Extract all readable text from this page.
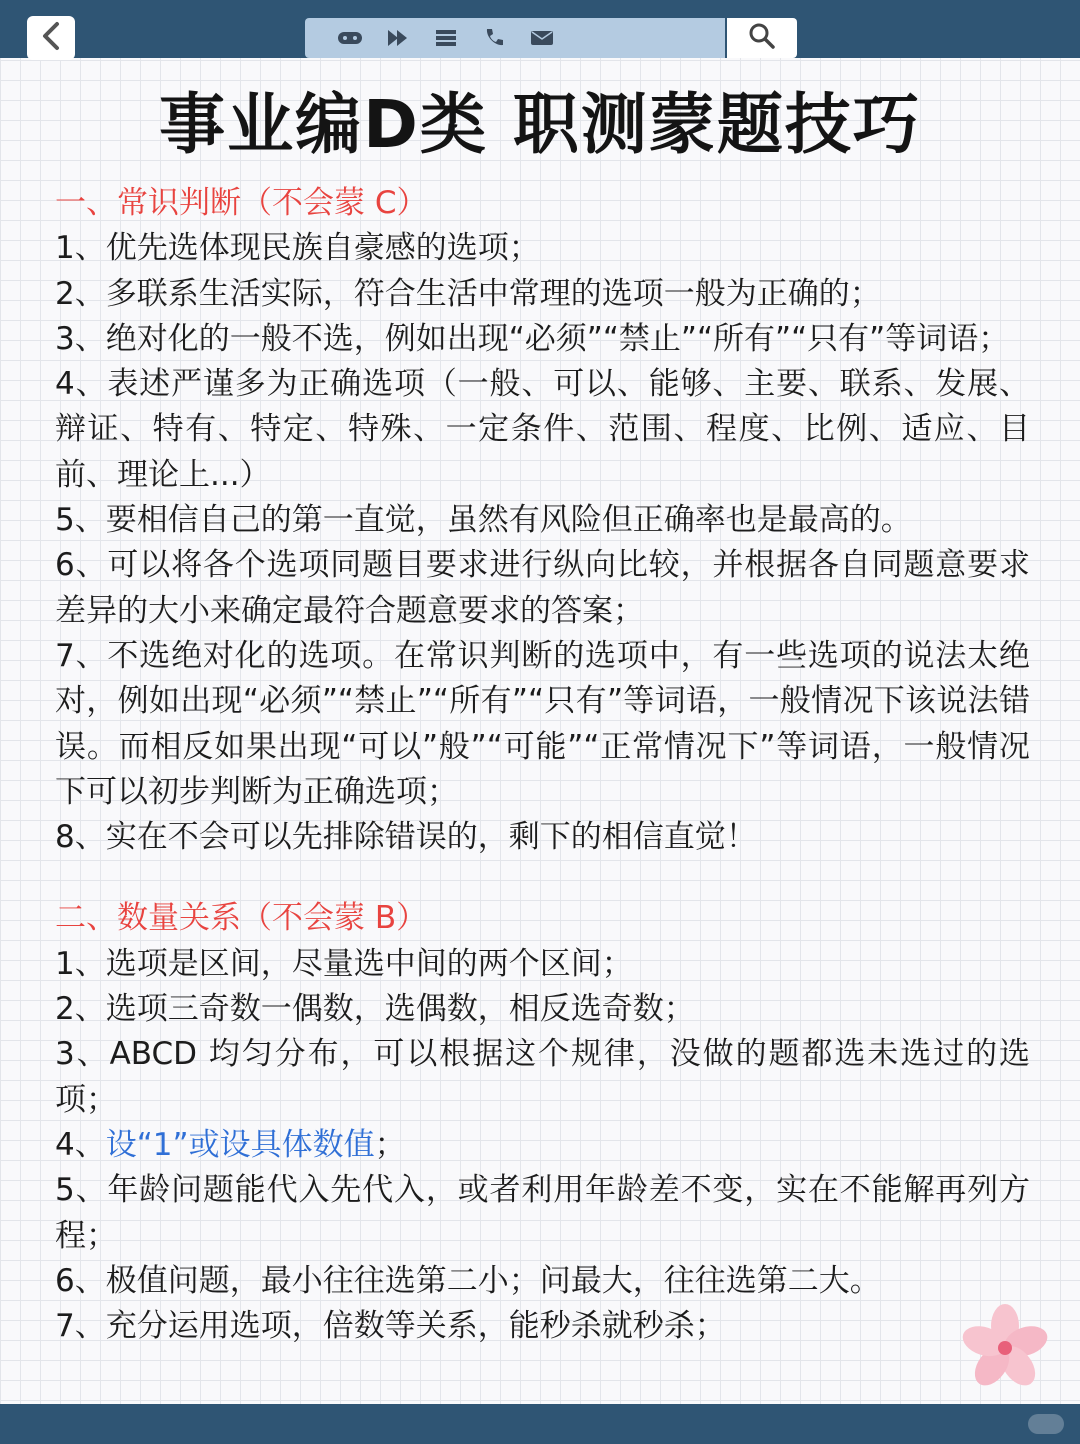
事业编D类 职测蒙题技巧

一、常识判断（不会蒙 C）

1、优先选体现民族自豪感的选项；

2、多联系生活实际，符合生活中常理的选项一般为正确的；

3、绝对化的一般不选，例如出现“必须”“禁止”“所有”“只有”等词语；

4、表述严谨多为正确选项（一般、可以、能够、主要、联系、发展、辩证、特有、特定、特殊、一定条件、范围、程度、比例、适应、目前、理论上...）

5、要相信自己的第一直觉，虽然有风险但正确率也是最高的。

6、可以将各个选项同题目要求进行纵向比较，并根据各自同题意要求差异的大小来确定最符合题意要求的答案；

7、不选绝对化的选项。在常识判断的选项中，有一些选项的说法太绝对，例如出现“必须”“禁止”“所有”“只有”等词语，一般情况下该说法错误。而相反如果出现“可以”般”“可能”“正常情况下”等词语，一般情况下可以初步判断为正确选项；

8、实在不会可以先排除错误的，剩下的相信直觉！

二、数量关系（不会蒙 B）

1、选项是区间，尽量选中间的两个区间；

2、选项三奇数一偶数，选偶数，相反选奇数；

3、ABCD 均匀分布，可以根据这个规律，没做的题都选未选过的选项；

4、设“1”或设具体数值；

5、年龄问题能代入先代入，或者利用年龄差不变，实在不能解再列方程；

6、极值问题，最小往往选第二小；问最大，往往选第二大。

7、充分运用选项，倍数等关系，能秒杀就秒杀；
